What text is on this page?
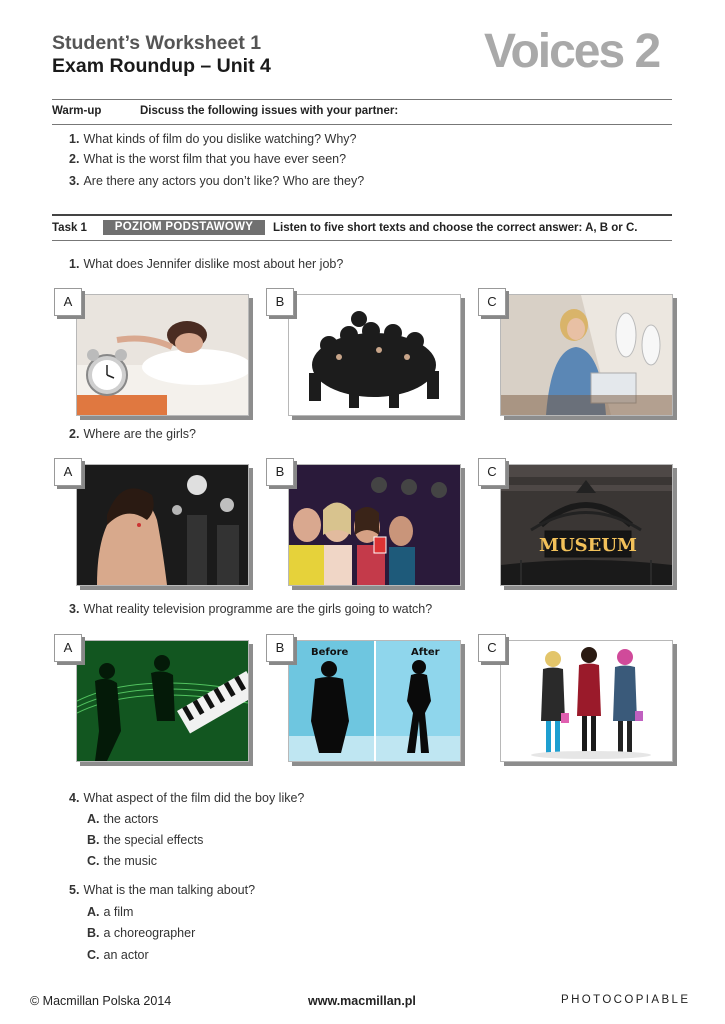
Student’s Worksheet 1
Exam Roundup – Unit 4	Voices 2
Warm-up	Discuss the following issues with your partner:
1. What kinds of film do you dislike watching? Why?
2. What is the worst film that you have ever seen?
3. Are there any actors you don’t like? Who are they?
Task 1	POZIOM PODSTAWOWY	Listen to five short texts and choose the correct answer: A, B or C.
1. What does Jennifer dislike most about her job?
A	B	C
2. Where are the girls?
A	B
MUSEUM
C
3. What reality television programme are the girls going to watch?
A	Before	After
B	C
4. What aspect of the film did the boy like?
A. the actors
B. the special effects
C. the music
5. What is the man talking about?
A. a film
B. a choreographer
C. an actor
© Macmillan Polska 2014	www.macmillan.pl	PHOTOCOPIABLE
